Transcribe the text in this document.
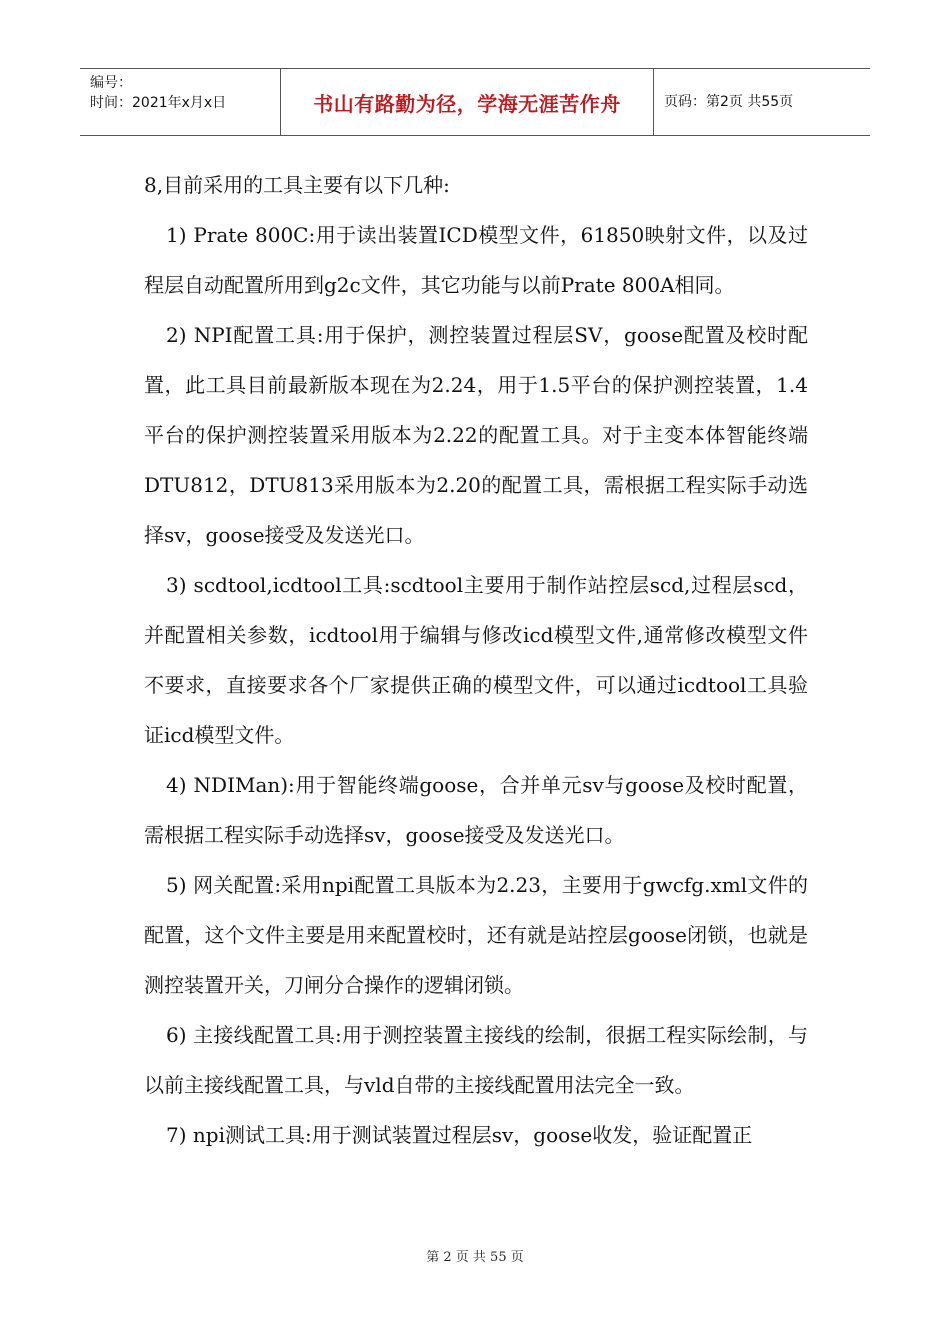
编号：
时间：2021年x月x日	书山有路勤为径，学海无涯苦作舟	页码：第2页 共55页

8,目前采用的工具主要有以下几种:

1) Prate 800C:用于读出装置ICD模型文件，61850映射文件，以及过程层自动配置所用到g2c文件，其它功能与以前Prate 800A相同。

2) NPI配置工具:用于保护，测控装置过程层SV，goose配置及校时配置，此工具目前最新版本现在为2.24，用于1.5平台的保护测控装置，1.4平台的保护测控装置采用版本为2.22的配置工具。对于主变本体智能终端DTU812，DTU813采用版本为2.20的配置工具，需根据工程实际手动选择sv，goose接受及发送光口。

3) scdtool,icdtool工具:scdtool主要用于制作站控层scd,过程层scd，并配置相关参数，icdtool用于编辑与修改icd模型文件,通常修改模型文件不要求，直接要求各个厂家提供正确的模型文件，可以通过icdtool工具验证icd模型文件。

4) NDIMan):用于智能终端goose，合并单元sv与goose及校时配置，需根据工程实际手动选择sv，goose接受及发送光口。

5) 网关配置:采用npi配置工具版本为2.23，主要用于gwcfg.xml文件的配置，这个文件主要是用来配置校时，还有就是站控层goose闭锁，也就是测控装置开关，刀闸分合操作的逻辑闭锁。

6) 主接线配置工具:用于测控装置主接线的绘制，很据工程实际绘制，与以前主接线配置工具，与vld自带的主接线配置用法完全一致。

7) npi测试工具:用于测试装置过程层sv，goose收发，验证配置正

第 2 页 共 55 页
